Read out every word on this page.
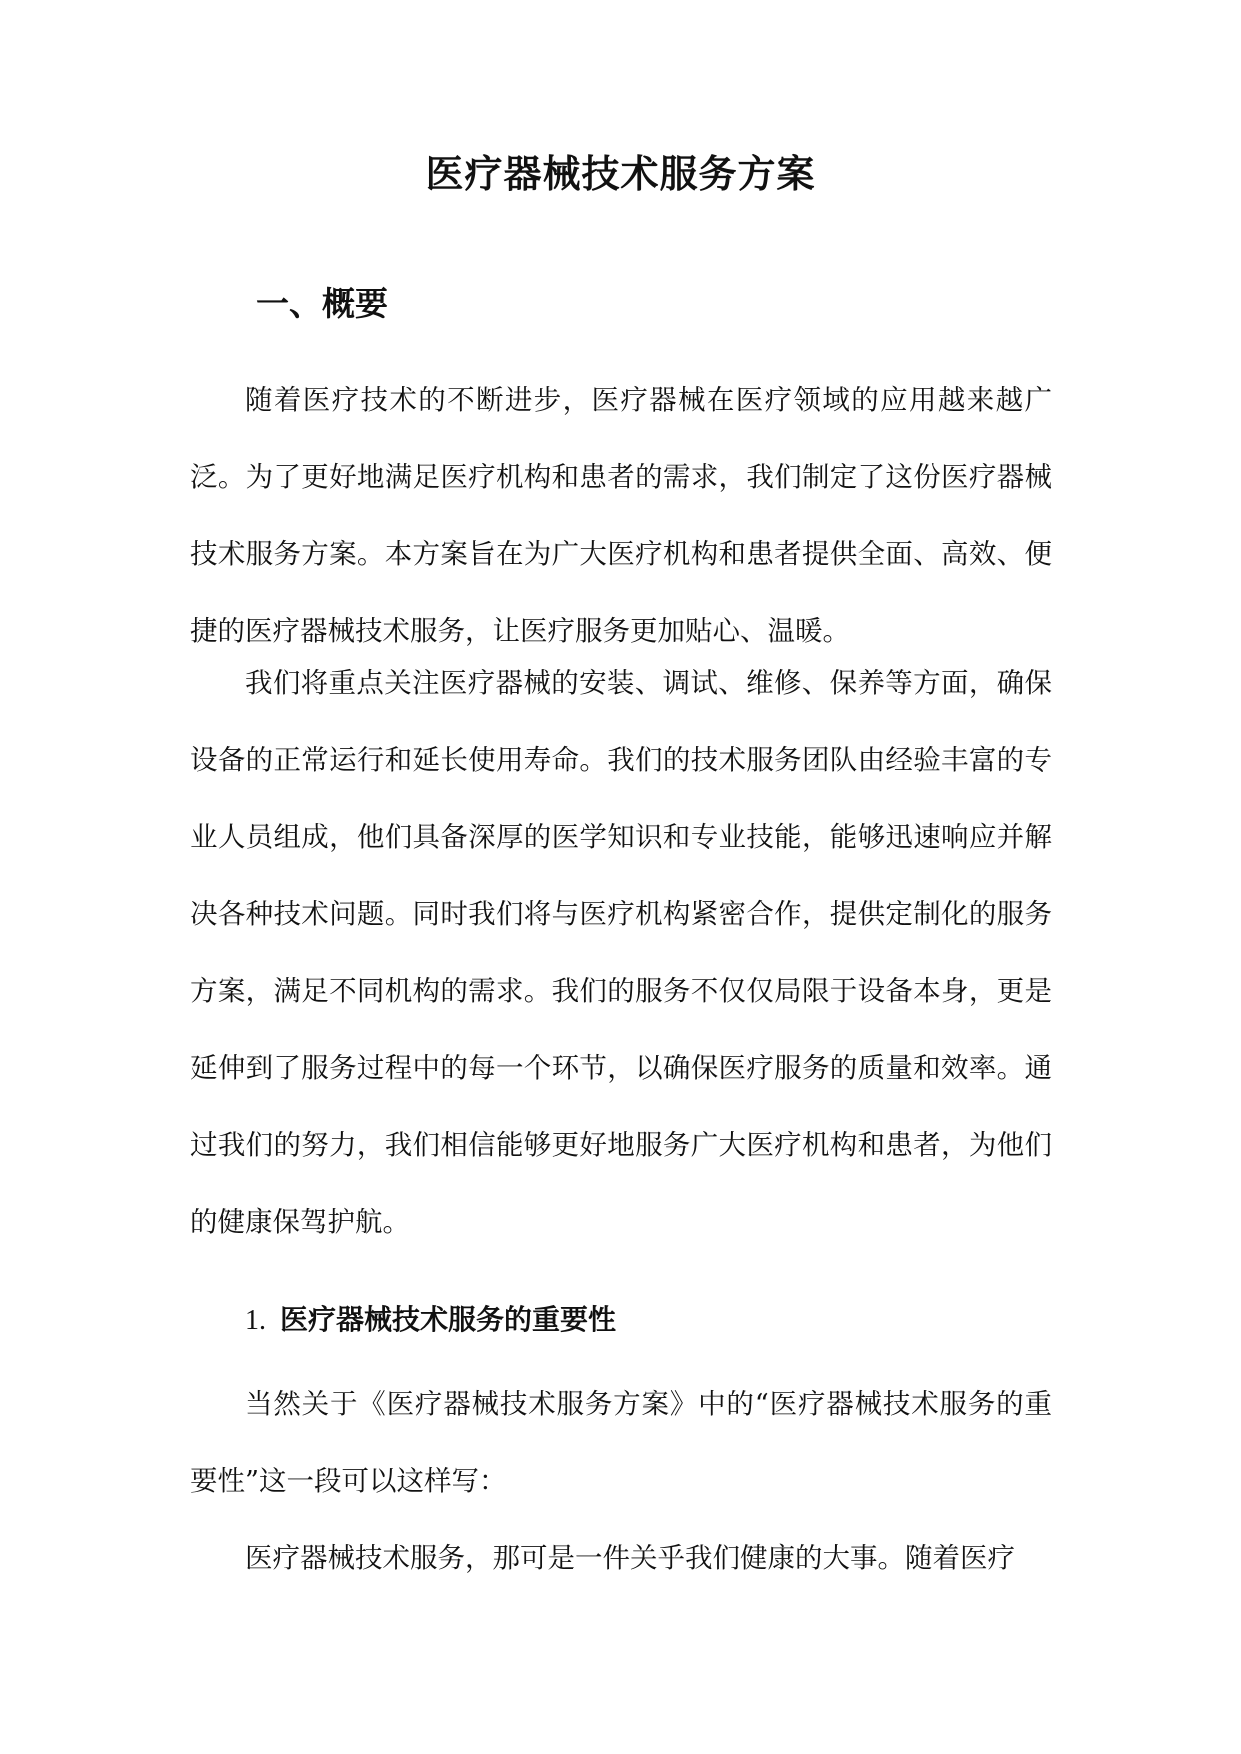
医疗器械技术服务方案
一、概要

随着医疗技术的不断进步，医疗器械在医疗领域的应用越来越广泛。为了更好地满足医疗机构和患者的需求，我们制定了这份医疗器械技术服务方案。本方案旨在为广大医疗机构和患者提供全面、高效、便捷的医疗器械技术服务，让医疗服务更加贴心、温暖。

我们将重点关注医疗器械的安装、调试、维修、保养等方面，确保设备的正常运行和延长使用寿命。我们的技术服务团队由经验丰富的专业人员组成，他们具备深厚的医学知识和专业技能，能够迅速响应并解决各种技术问题。同时我们将与医疗机构紧密合作，提供定制化的服务方案，满足不同机构的需求。我们的服务不仅仅局限于设备本身，更是延伸到了服务过程中的每一个环节，以确保医疗服务的质量和效率。通过我们的努力，我们相信能够更好地服务广大医疗机构和患者，为他们的健康保驾护航。

1. 医疗器械技术服务的重要性

当然关于《医疗器械技术服务方案》中的“医疗器械技术服务的重要性”这一段可以这样写：

医疗器械技术服务，那可是一件关乎我们健康的大事。随着医疗
